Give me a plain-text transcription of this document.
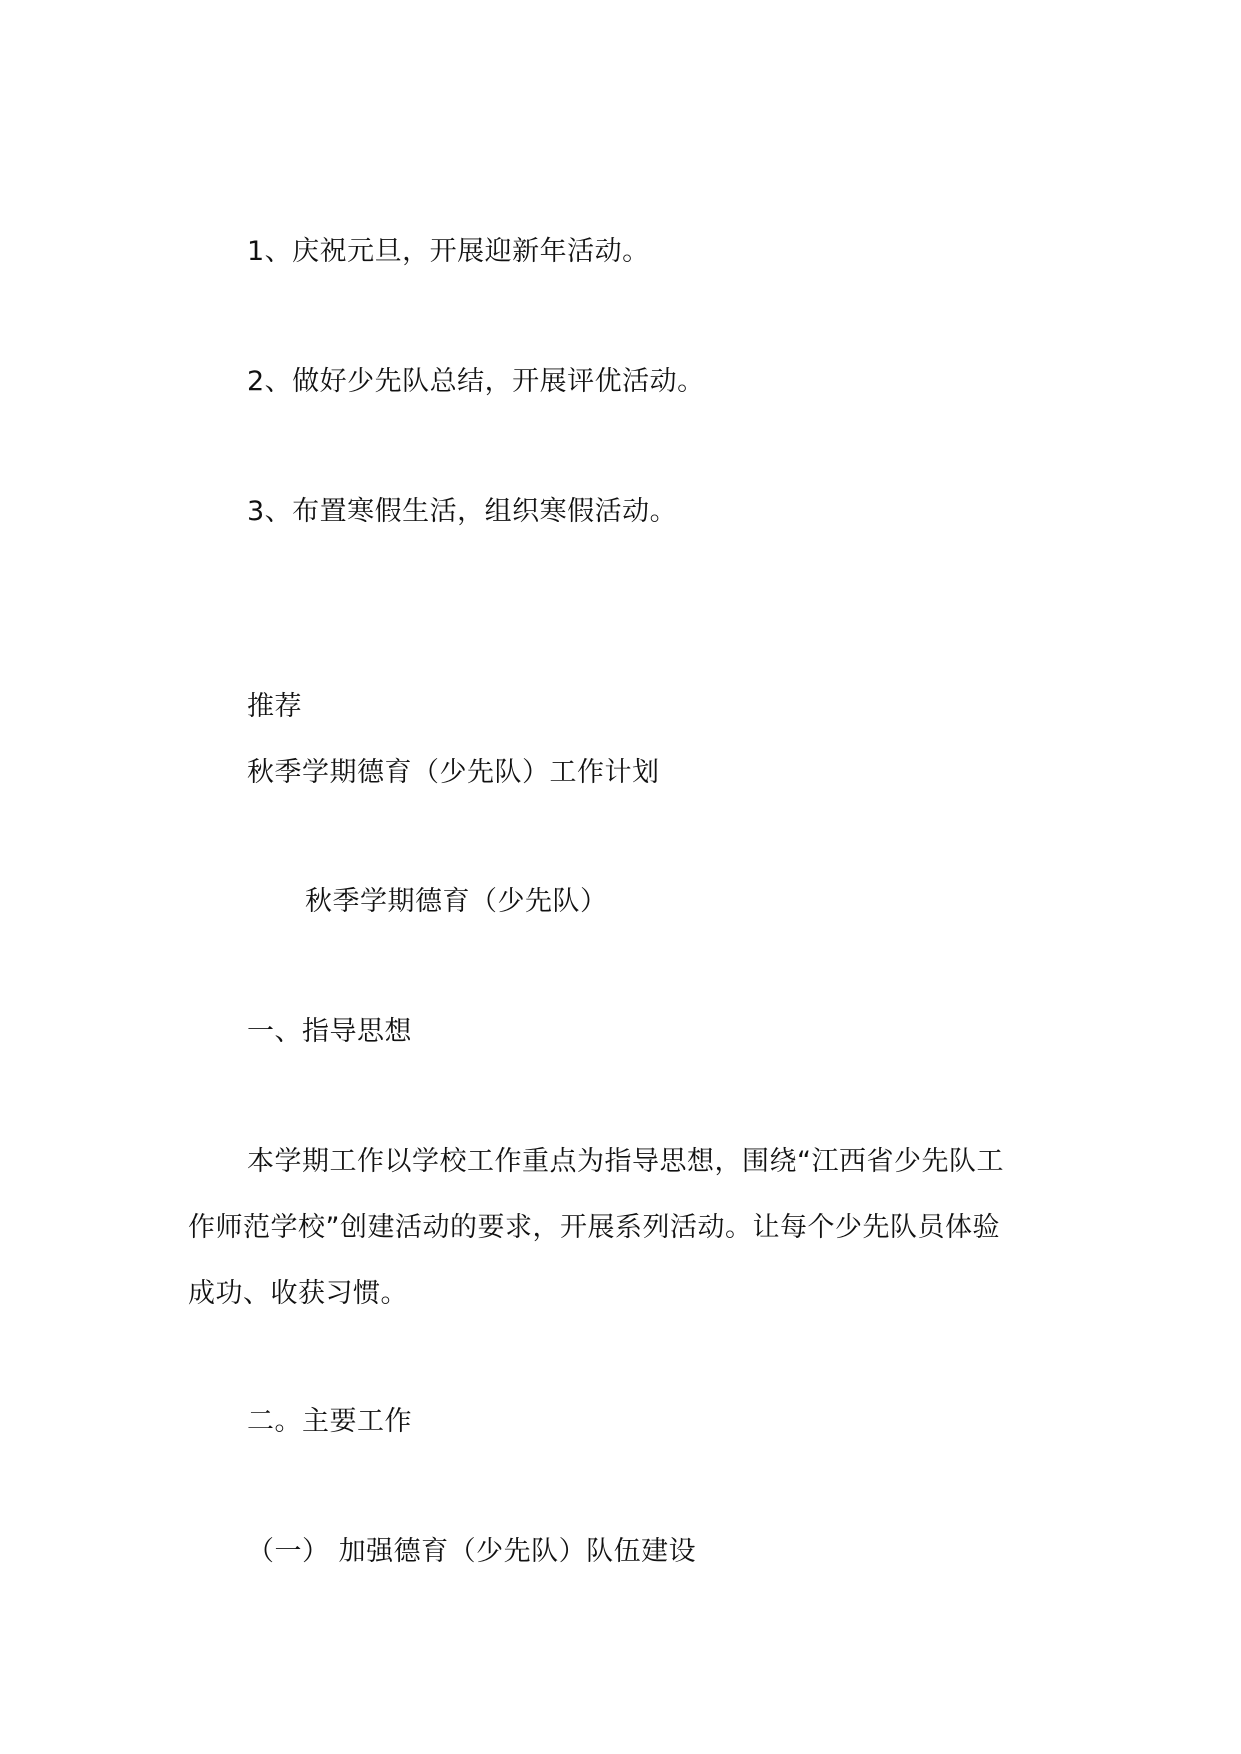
1、庆祝元旦，开展迎新年活动。
2、做好少先队总结，开展评优活动。
3、布置寒假生活，组织寒假活动。
推荐
秋季学期德育（少先队）工作计划
秋季学期德育（少先队）
一、指导思想
本学期工作以学校工作重点为指导思想，围绕“江西省少先队工
作师范学校”创建活动的要求，开展系列活动。让每个少先队员体验
成功、收获习惯。
二。主要工作
（一） 加强德育（少先队）队伍建设
